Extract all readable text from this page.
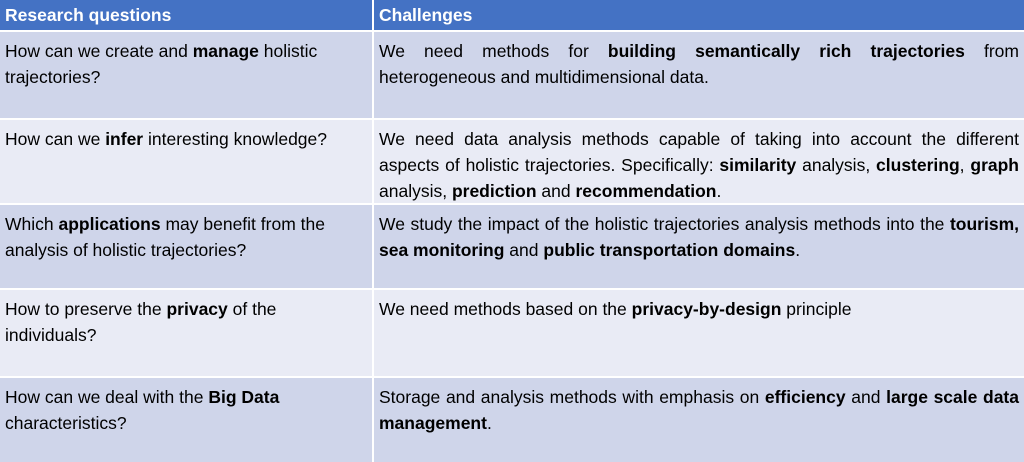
Research questions	Challenges
How can we create and manage holistic trajectories?
We need methods for building semantically rich trajectories from heterogeneous and multidimensional data.
How can we infer interesting knowledge?	We need data analysis methods capable of taking into account the different aspects of holistic trajectories. Specifically: similarity analysis, clustering, graph analysis, prediction and recommendation.
Which applications may benefit from the analysis of holistic trajectories?
We study the impact of the holistic trajectories analysis methods into the tourism, sea monitoring and public transportation domains.
How to preserve the privacy of the individuals?
We need methods based on the privacy-by-design principle
How can we deal with the Big Data characteristics?
Storage and analysis methods with emphasis on efficiency and large scale data management.
